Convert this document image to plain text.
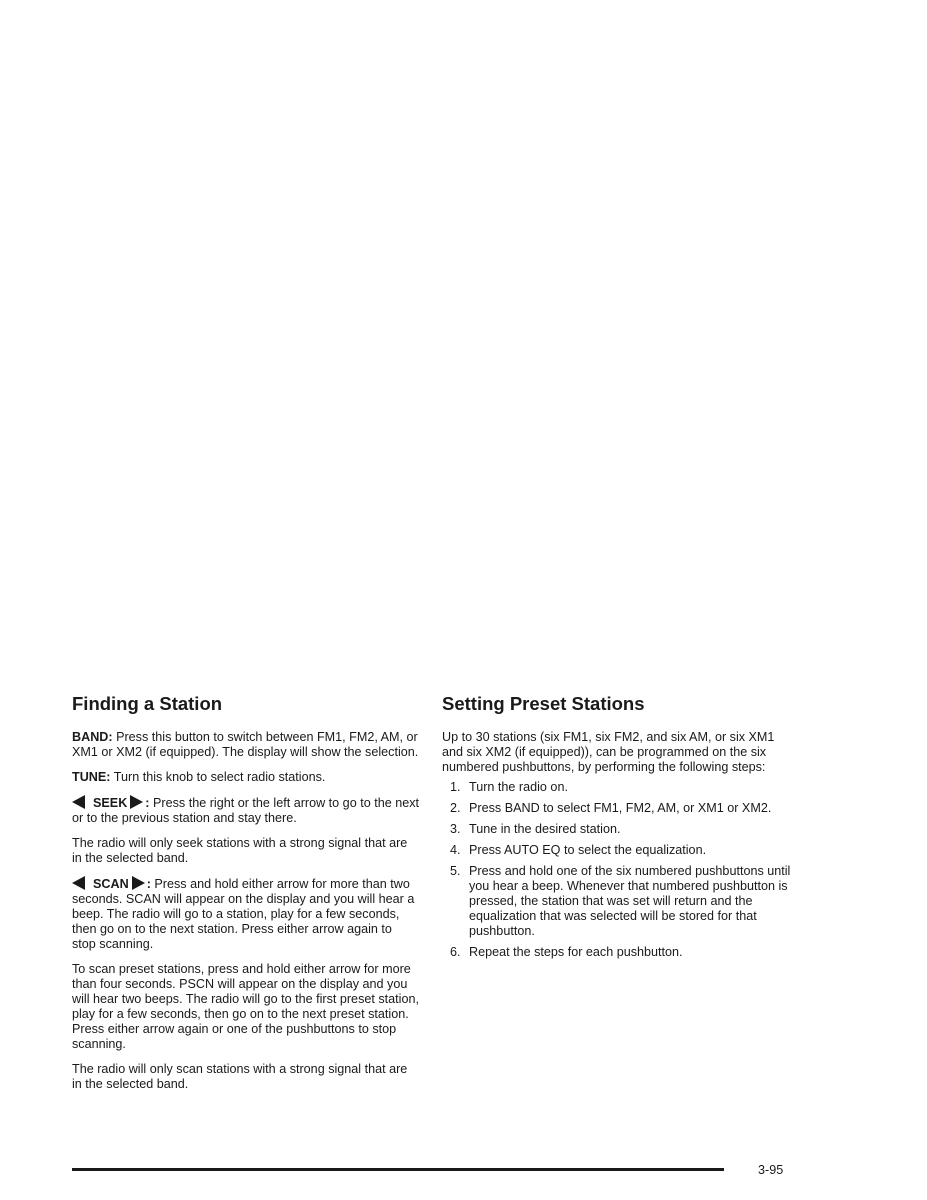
Finding a Station

BAND: Press this button to switch between FM1, FM2, AM, or XM1 or XM2 (if equipped). The display will show the selection.

TUNE: Turn this knob to select radio stations.

SEEK : Press the right or the left arrow to go to the next or to the previous station and stay there.

The radio will only seek stations with a strong signal that are in the selected band.

SCAN : Press and hold either arrow for more than two seconds. SCAN will appear on the display and you will hear a beep. The radio will go to a station, play for a few seconds, then go on to the next station. Press either arrow again to stop scanning.

To scan preset stations, press and hold either arrow for more than four seconds. PSCN will appear on the display and you will hear two beeps. The radio will go to the first preset station, play for a few seconds, then go on to the next preset station. Press either arrow again or one of the pushbuttons to stop scanning.

The radio will only scan stations with a strong signal that are in the selected band.

Setting Preset Stations

Up to 30 stations (six FM1, six FM2, and six AM, or six XM1 and six XM2 (if equipped)), can be programmed on the six numbered pushbuttons, by performing the following steps:

1. Turn the radio on.
2. Press BAND to select FM1, FM2, AM, or XM1 or XM2.
3. Tune in the desired station.
4. Press AUTO EQ to select the equalization.
5. Press and hold one of the six numbered pushbuttons until you hear a beep. Whenever that numbered pushbutton is pressed, the station that was set will return and the equalization that was selected will be stored for that pushbutton.
6. Repeat the steps for each pushbutton.
3-95
